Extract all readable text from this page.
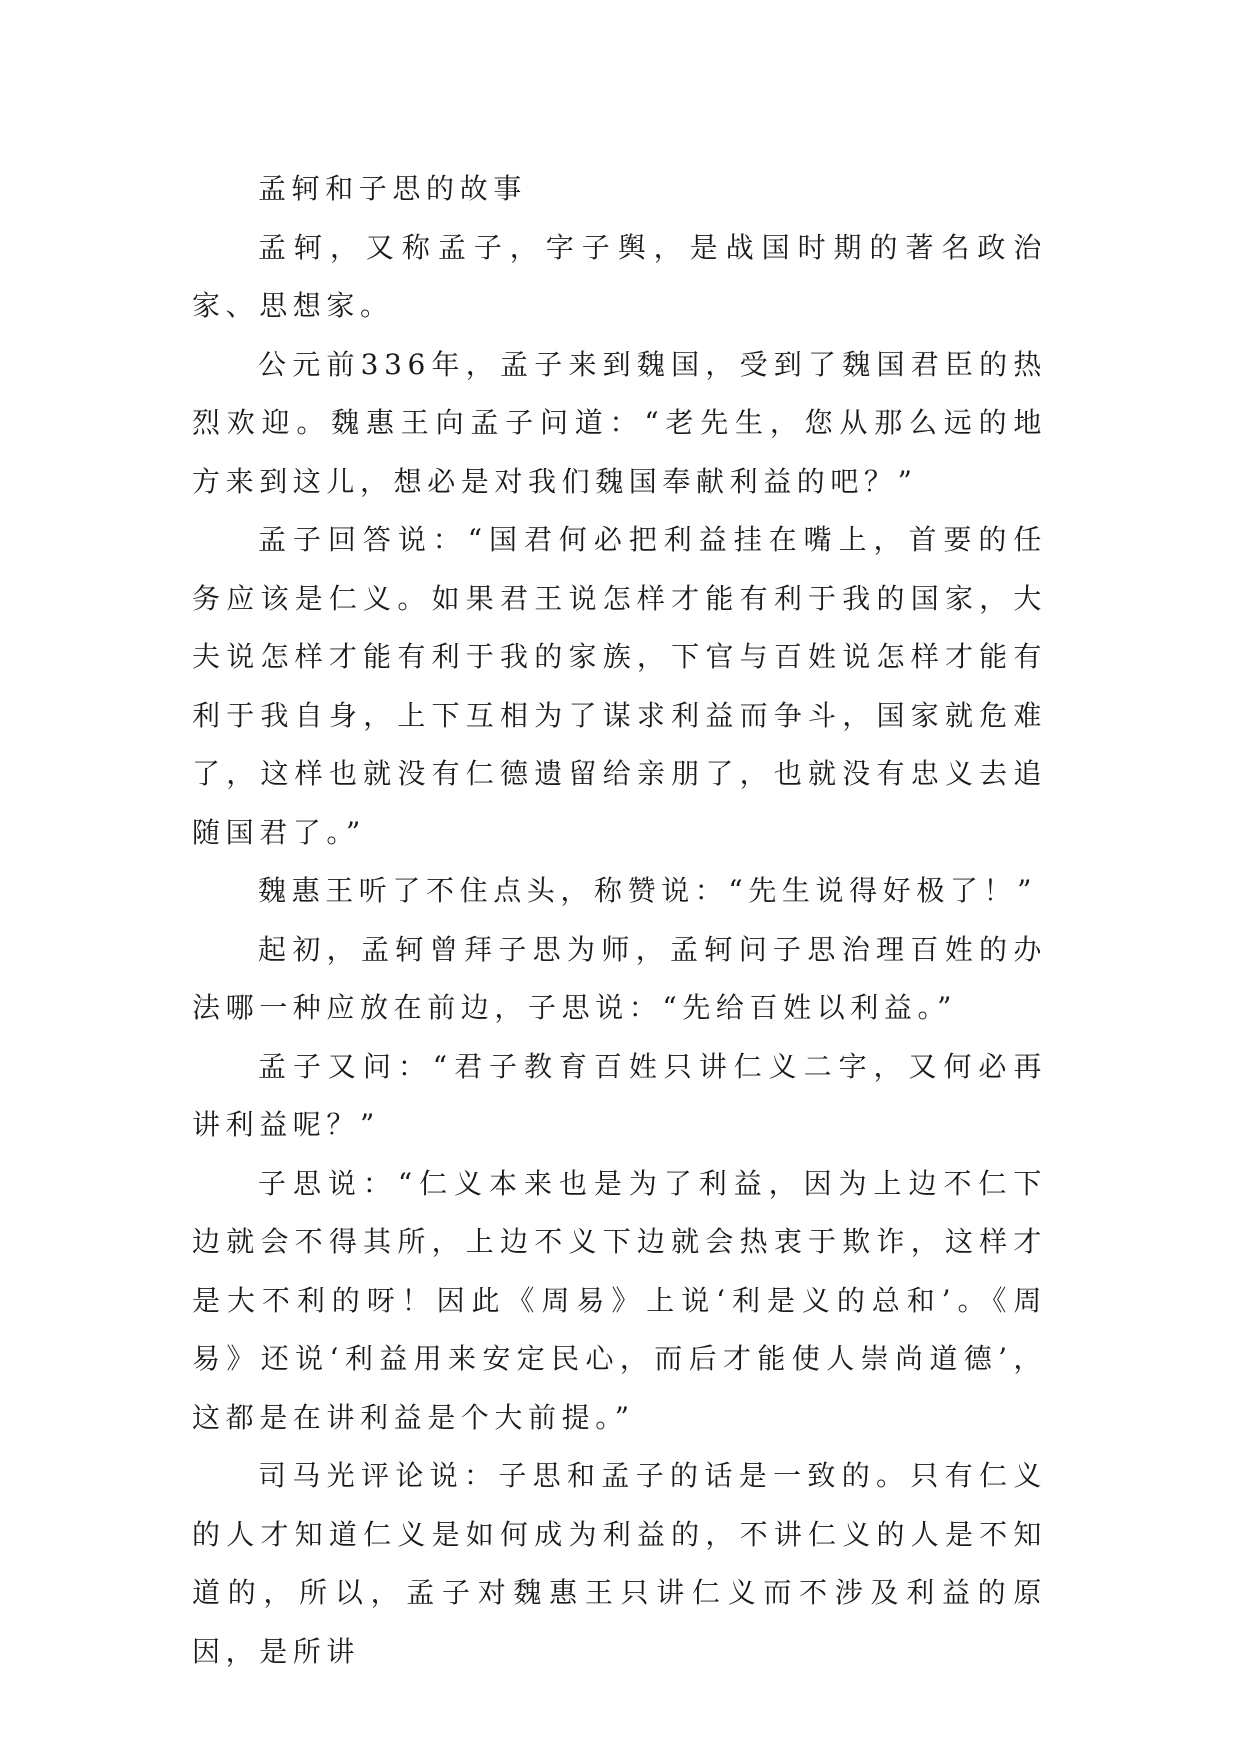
孟轲和子思的故事

孟轲，又称孟子，字子舆，是战国时期的著名政治家、思想家。

公元前336年，孟子来到魏国，受到了魏国君臣的热烈欢迎。魏惠王向孟子问道：“老先生，您从那么远的地方来到这儿，想必是对我们魏国奉献利益的吧？”

孟子回答说：“国君何必把利益挂在嘴上，首要的任务应该是仁义。如果君王说怎样才能有利于我的国家，大夫说怎样才能有利于我的家族，下官与百姓说怎样才能有利于我自身，上下互相为了谋求利益而争斗，国家就危难了，这样也就没有仁德遗留给亲朋了，也就没有忠义去追随国君了。”

魏惠王听了不住点头，称赞说：“先生说得好极了！”

起初，孟轲曾拜子思为师，孟轲问子思治理百姓的办法哪一种应放在前边，子思说：“先给百姓以利益。”

孟子又问：“君子教育百姓只讲仁义二字，又何必再讲利益呢？”

子思说：“仁义本来也是为了利益，因为上边不仁下边就会不得其所，上边不义下边就会热衷于欺诈，这样才是大不利的呀！因此《周易》上说‘利是义的总和’。《周易》还说‘利益用来安定民心，而后才能使人崇尚道德’，这都是在讲利益是个大前提。”

司马光评论说：子思和孟子的话是一致的。只有仁义的人才知道仁义是如何成为利益的，不讲仁义的人是不知道的，所以，孟子对魏惠王只讲仁义而不涉及利益的原因，是所讲
